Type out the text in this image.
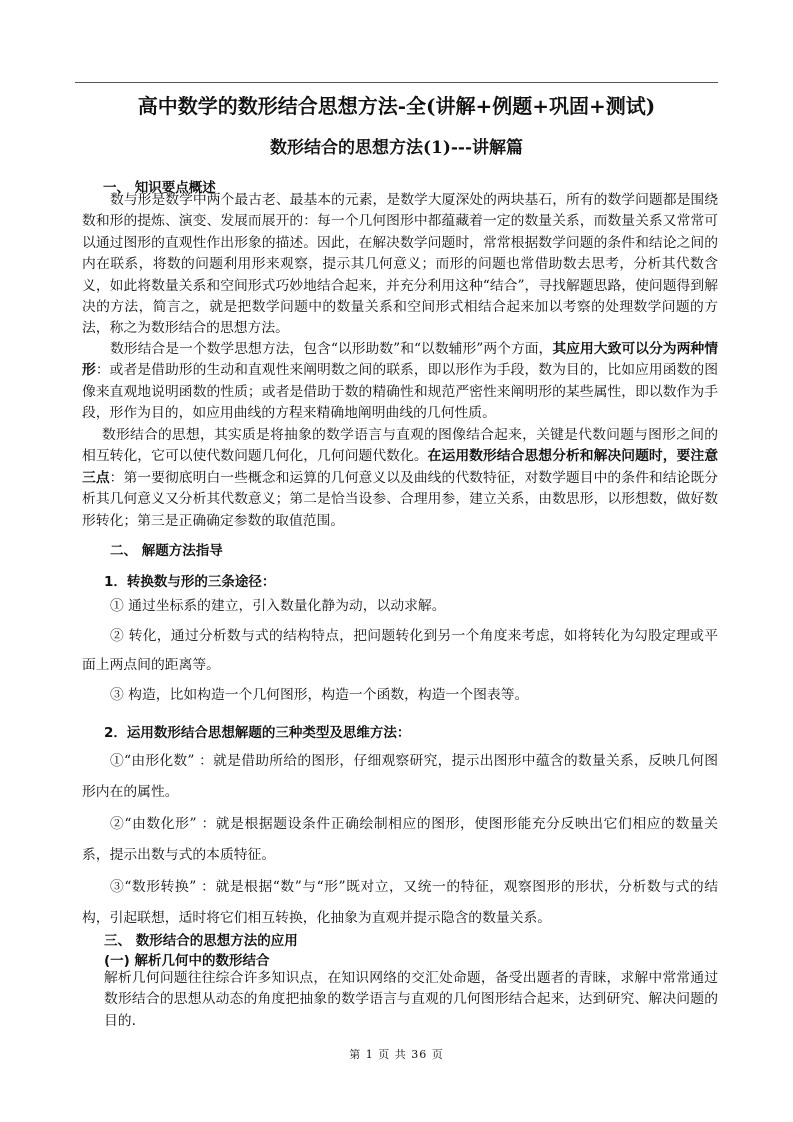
高中数学的数形结合思想方法-全(讲解+例题+巩固+测试)
数形结合的思想方法(1)---讲解篇
一、 知识要点概述
数与形是数学中两个最古老、最基本的元素，是数学大厦深处的两块基石，所有的数学问题都是围绕数和形的提炼、演变、发展而展开的：每一个几何图形中都蕴藏着一定的数量关系，而数量关系又常常可以通过图形的直观性作出形象的描述。因此，在解决数学问题时，常常根据数学问题的条件和结论之间的内在联系，将数的问题利用形来观察，提示其几何意义；而形的问题也常借助数去思考，分析其代数含义，如此将数量关系和空间形式巧妙地结合起来，并充分利用这种“结合”，寻找解题思路，使问题得到解决的方法，简言之，就是把数学问题中的数量关系和空间形式相结合起来加以考察的处理数学问题的方法，称之为数形结合的思想方法。
数形结合是一个数学思想方法，包含“以形助数”和“以数辅形”两个方面，其应用大致可以分为两种情形：或者是借助形的生动和直观性来阐明数之间的联系，即以形作为手段，数为目的，比如应用函数的图像来直观地说明函数的性质；或者是借助于数的精确性和规范严密性来阐明形的某些属性，即以数作为手段，形作为目的，如应用曲线的方程来精确地阐明曲线的几何性质。
数形结合的思想，其实质是将抽象的数学语言与直观的图像结合起来，关键是代数问题与图形之间的相互转化，它可以使代数问题几何化，几何问题代数化。在运用数形结合思想分析和解决问题时，要注意三点：第一要彻底明白一些概念和运算的几何意义以及曲线的代数特征，对数学题目中的条件和结论既分析其几何意义又分析其代数意义；第二是恰当设参、合理用参，建立关系，由数思形，以形想数，做好数形转化；第三是正确确定参数的取值范围。
二、 解题方法指导
1．转换数与形的三条途径：
① 通过坐标系的建立，引入数量化静为动，以动求解。
② 转化，通过分析数与式的结构特点，把问题转化到另一个角度来考虑，如将转化为勾股定理或平面上两点间的距离等。
③ 构造，比如构造一个几何图形，构造一个函数，构造一个图表等。
2．运用数形结合思想解题的三种类型及思维方法：
①“由形化数” ：就是借助所给的图形，仔细观察研究，提示出图形中蕴含的数量关系，反映几何图形内在的属性。
②“由数化形” ：就是根据题设条件正确绘制相应的图形，使图形能充分反映出它们相应的数量关系，提示出数与式的本质特征。
③“数形转换” ：就是根据“数”与“形”既对立，又统一的特征，观察图形的形状，分析数与式的结构，引起联想，适时将它们相互转换，化抽象为直观并提示隐含的数量关系。
三、 数形结合的思想方法的应用
(一) 解析几何中的数形结合
解析几何问题往往综合许多知识点，在知识网络的交汇处命题，备受出题者的青睐，求解中常常通过数形结合的思想从动态的角度把抽象的数学语言与直观的几何图形结合起来，达到研究、解决问题的目的.
第 1 页 共 36 页
